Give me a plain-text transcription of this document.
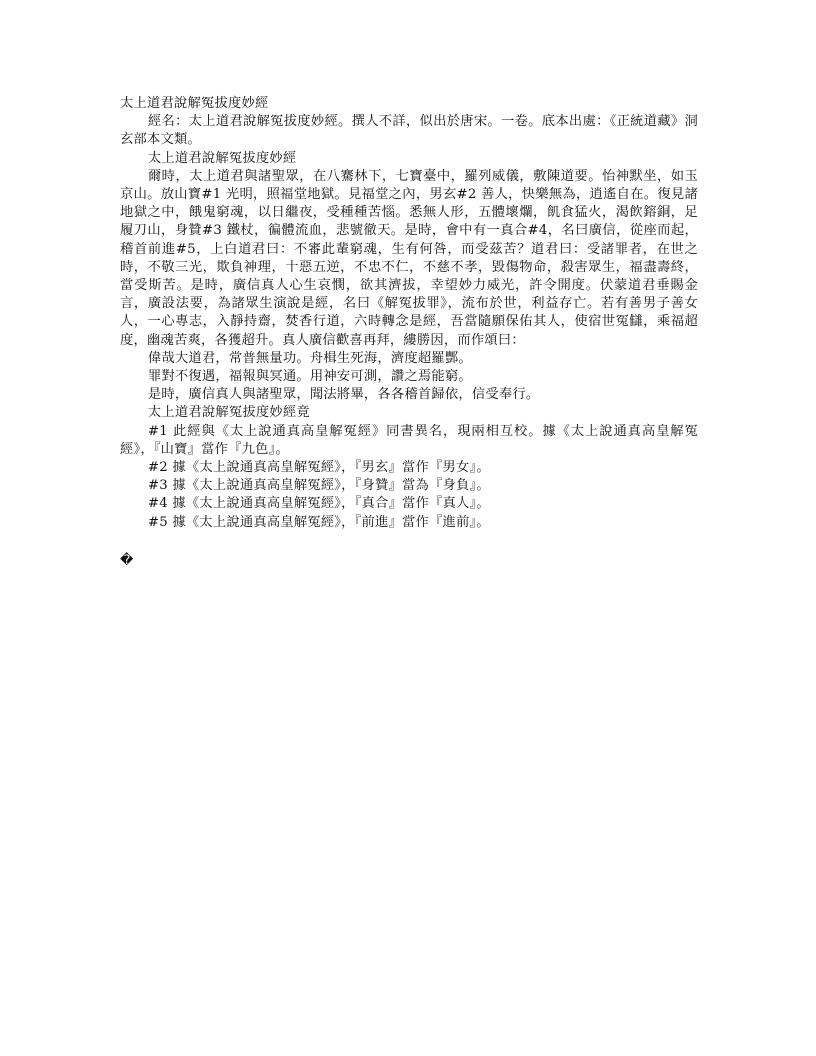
太上道君說解冤拔度妙經

經名：太上道君說解冤拔度妙經。撰人不詳，似出於唐宋。一卷。底本出處：《正統道藏》洞玄部本文類。

太上道君說解冤拔度妙經

爾時，太上道君與諸聖眾，在八騫林下，七寶臺中，羅列威儀，敷陳道要。怡神默坐，如玉京山。放山寶#1 光明，照福堂地獄。見福堂之內，男玄#2 善人，快樂無為，逍遙自在。復見諸地獄之中，餓鬼窮魂，以日繼夜，受種種苦惱。悉無人形，五體壞爛，飢食猛火，渴飲鎔銅，足履刀山，身贊#3 鐵杖，徧體流血，悲號徹天。是時，會中有一真合#4，名曰廣信，從座而起，稽首前進#5，上白道君曰：不審此輩窮魂，生有何咎，而受茲苦？道君曰：受諸罪者，在世之時，不敬三光，欺負神理，十惡五逆，不忠不仁，不慈不孝，毀傷物命，殺害眾生，福盡壽終，當受斯苦。是時，廣信真人心生哀憫，欲其濟拔，幸望妙力威光，許令開度。伏蒙道君垂賜金言，廣設法要，為諸眾生演說是經，名曰《解冤拔罪》，流布於世，利益存亡。若有善男子善女人，一心專志，入靜持齋，焚香行道，六時轉念是經，吾當隨願保佑其人，使宿世冤讎，乘福超度，幽魂苦爽，各獲超升。真人廣信歡喜再拜，縷勝因，而作頌曰：

偉哉大道君，常普無量功。舟楫生死海，濟度超羅酆。

罪對不復遇，福報與冥通。用神安可測，讚之焉能窮。

是時，廣信真人與諸聖眾，聞法將畢，各各稽首歸依，信受奉行。

太上道君說解冤拔度妙經竟

#1 此經與《太上說通真高皇解冤經》同書異名，現兩相互校。據《太上說通真高皇解冤經》，『山寶』當作『九色』。

#2 據《太上說通真高皇解冤經》，『男玄』當作『男女』。

#3 據《太上說通真高皇解冤經》，『身贊』當為『身負』。

#4 據《太上說通真高皇解冤經》，『真合』當作『真人』。

#5 據《太上說通真高皇解冤經》，『前進』當作『進前』。

�
